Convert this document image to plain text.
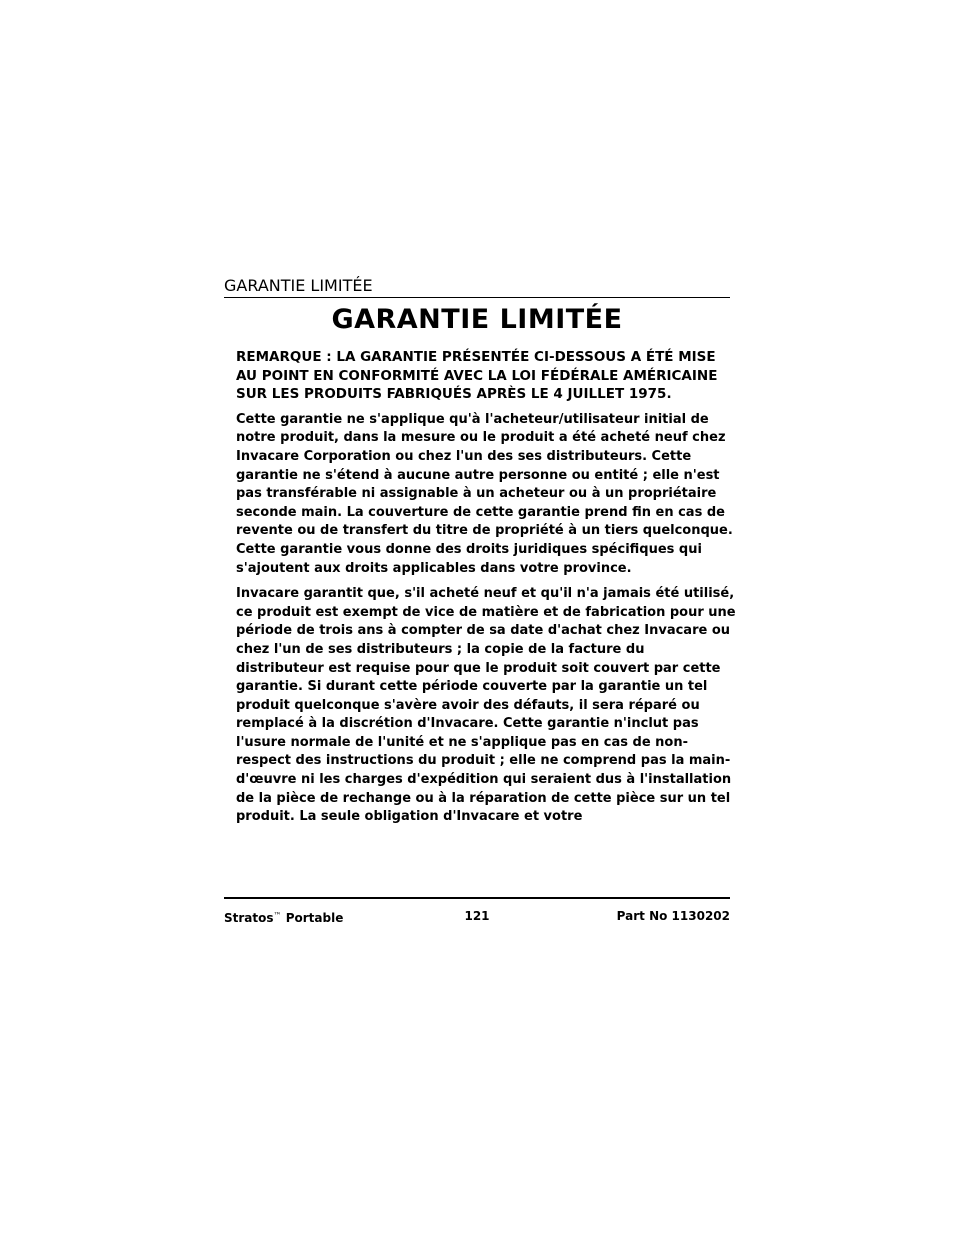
GARANTIE LIMITÉE
GARANTIE LIMITÉE

REMARQUE : LA GARANTIE PRÉSENTÉE CI-DESSOUS A ÉTÉ MISE AU POINT EN CONFORMITÉ AVEC LA LOI FÉDÉRALE AMÉRICAINE SUR LES PRODUITS FABRIQUÉS APRÈS LE 4 JUILLET 1975.

Cette garantie ne s'applique qu'à l'acheteur/utilisateur initial de notre produit, dans la mesure ou le produit a été acheté neuf chez Invacare Corporation ou chez l'un des ses distributeurs. Cette garantie ne s'étend à aucune autre personne ou entité ; elle n'est pas transférable ni assignable à un acheteur ou à un propriétaire seconde main. La couverture de cette garantie prend fin en cas de revente ou de transfert du titre de propriété à un tiers quelconque. Cette garantie vous donne des droits juridiques spécifiques qui s'ajoutent aux droits applicables dans votre province.

Invacare garantit que, s'il acheté neuf et qu'il n'a jamais été utilisé, ce produit est exempt de vice de matière et de fabrication pour une période de trois ans à compter de sa date d'achat chez Invacare ou chez l'un de ses distributeurs ; la copie de la facture du distributeur est requise pour que le produit soit couvert par cette garantie. Si durant cette période couverte par la garantie un tel produit quelconque s'avère avoir des défauts, il sera réparé ou remplacé à la discrétion d'Invacare. Cette garantie n'inclut pas l'usure normale de l'unité et ne s'applique pas en cas de non-respect des instructions du produit ; elle ne comprend pas la main-d'œuvre ni les charges d'expédition qui seraient dus à l'installation de la pièce de rechange ou à la réparation de cette pièce sur un tel produit. La seule obligation d'Invacare et votre

Stratos™ Portable	121	Part No 1130202
